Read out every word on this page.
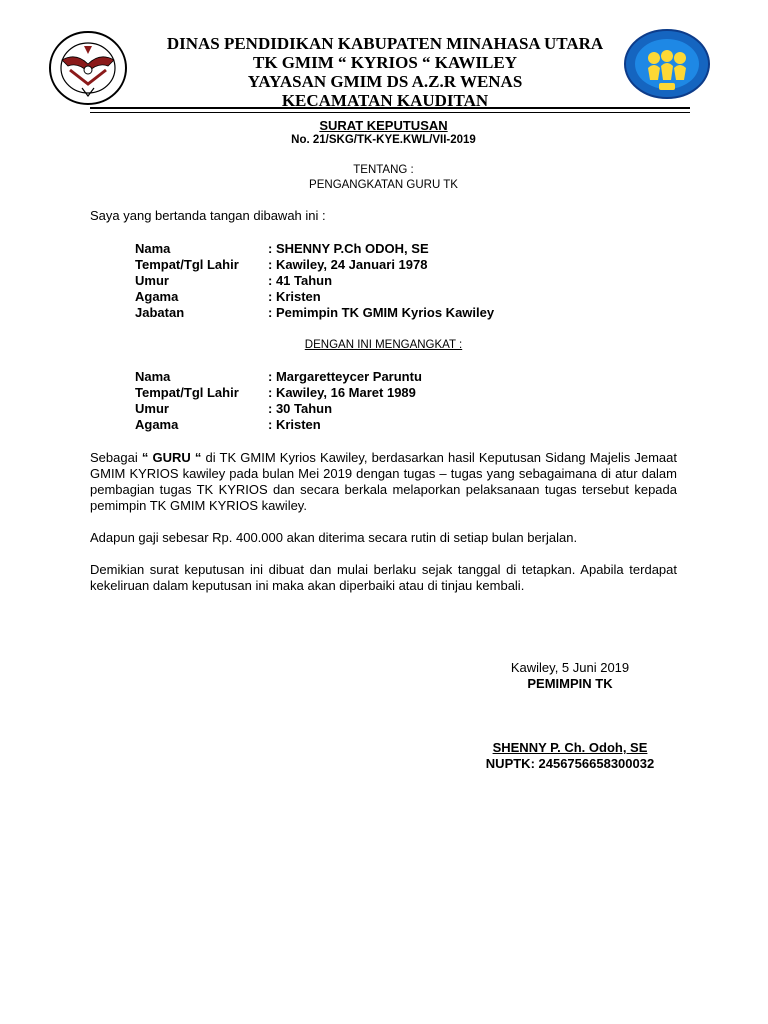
DINAS PENDIDIKAN KABUPATEN MINAHASA UTARA
TK GMIM “ KYRIOS “ KAWILEY
YAYASAN GMIM DS A.Z.R WENAS
KECAMATAN KAUDITAN
SURAT KEPUTUSAN
No. 21/SKG/TK-KYE.KWL/VII-2019
TENTANG :
PENGANGKATAN GURU TK
Saya yang bertanda tangan dibawah ini :
Nama	: SHENNY P.Ch ODOH, SE
Tempat/Tgl Lahir : Kawiley, 24 Januari 1978
Umur	: 41 Tahun
Agama	: Kristen
Jabatan	: Pemimpin TK GMIM Kyrios Kawiley
DENGAN INI MENGANGKAT :
Nama	: Margaretteycer Paruntu
Tempat/Tgl Lahir : Kawiley, 16 Maret 1989
Umur	: 30 Tahun
Agama	: Kristen
Sebagai “ GURU “ di TK GMIM Kyrios Kawiley, berdasarkan hasil Keputusan Sidang Majelis Jemaat GMIM KYRIOS kawiley pada bulan Mei 2019 dengan tugas – tugas yang sebagaimana di atur dalam pembagian tugas TK KYRIOS dan secara berkala melaporkan pelaksanaan tugas tersebut kepada pemimpin TK GMIM KYRIOS kawiley.
Adapun gaji sebesar Rp. 400.000 akan diterima secara rutin di setiap bulan berjalan.
Demikian surat keputusan ini dibuat dan mulai berlaku sejak tanggal di tetapkan. Apabila terdapat kekeliruan dalam keputusan ini maka akan diperbaiki atau di tinjau kembali.
Kawiley, 5 Juni 2019
PEMIMPIN TK
SHENNY P. Ch. Odoh, SE
NUPTK: 2456756658300032
